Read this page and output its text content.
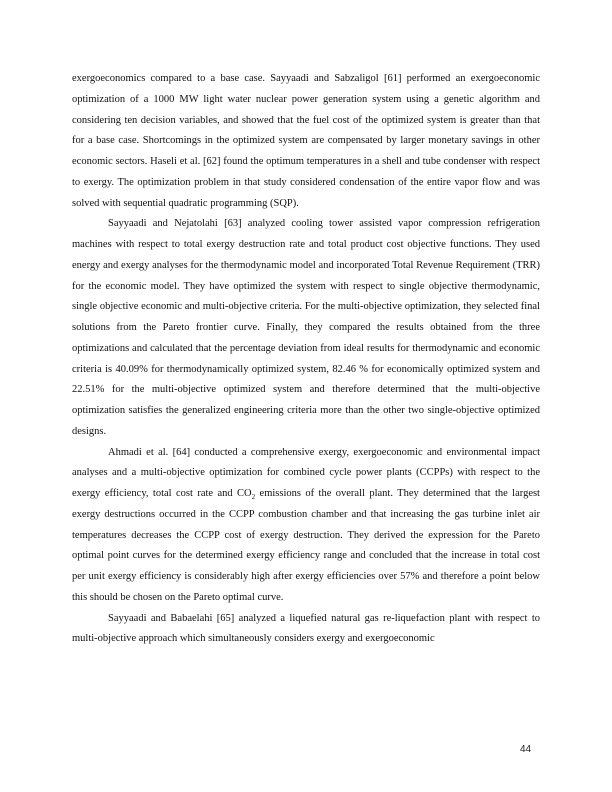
exergoeconomics compared to a base case. Sayyaadi and Sabzaligol [61] performed an exergoeconomic optimization of a 1000 MW light water nuclear power generation system using a genetic algorithm and considering ten decision variables, and showed that the fuel cost of the optimized system is greater than that for a base case. Shortcomings in the optimized system are compensated by larger monetary savings in other economic sectors. Haseli et al. [62] found the optimum temperatures in a shell and tube condenser with respect to exergy. The optimization problem in that study considered condensation of the entire vapor flow and was solved with sequential quadratic programming (SQP).

Sayyaadi and Nejatolahi [63] analyzed cooling tower assisted vapor compression refrigeration machines with respect to total exergy destruction rate and total product cost objective functions. They used energy and exergy analyses for the thermodynamic model and incorporated Total Revenue Requirement (TRR) for the economic model. They have optimized the system with respect to single objective thermodynamic, single objective economic and multi-objective criteria. For the multi-objective optimization, they selected final solutions from the Pareto frontier curve. Finally, they compared the results obtained from the three optimizations and calculated that the percentage deviation from ideal results for thermodynamic and economic criteria is 40.09% for thermodynamically optimized system, 82.46 % for economically optimized system and 22.51% for the multi-objective optimized system and therefore determined that the multi-objective optimization satisfies the generalized engineering criteria more than the other two single-objective optimized designs.

Ahmadi et al. [64] conducted a comprehensive exergy, exergoeconomic and environmental impact analyses and a multi-objective optimization for combined cycle power plants (CCPPs) with respect to the exergy efficiency, total cost rate and $CO_2$ emissions of the overall plant. They determined that the largest exergy destructions occurred in the CCPP combustion chamber and that increasing the gas turbine inlet air temperatures decreases the CCPP cost of exergy destruction. They derived the expression for the Pareto optimal point curves for the determined exergy efficiency range and concluded that the increase in total cost per unit exergy efficiency is considerably high after exergy efficiencies over 57% and therefore a point below this should be chosen on the Pareto optimal curve.

Sayyaadi and Babaelahi [65] analyzed a liquefied natural gas re-liquefaction plant with respect to multi-objective approach which simultaneously considers exergy and exergoeconomic

44
